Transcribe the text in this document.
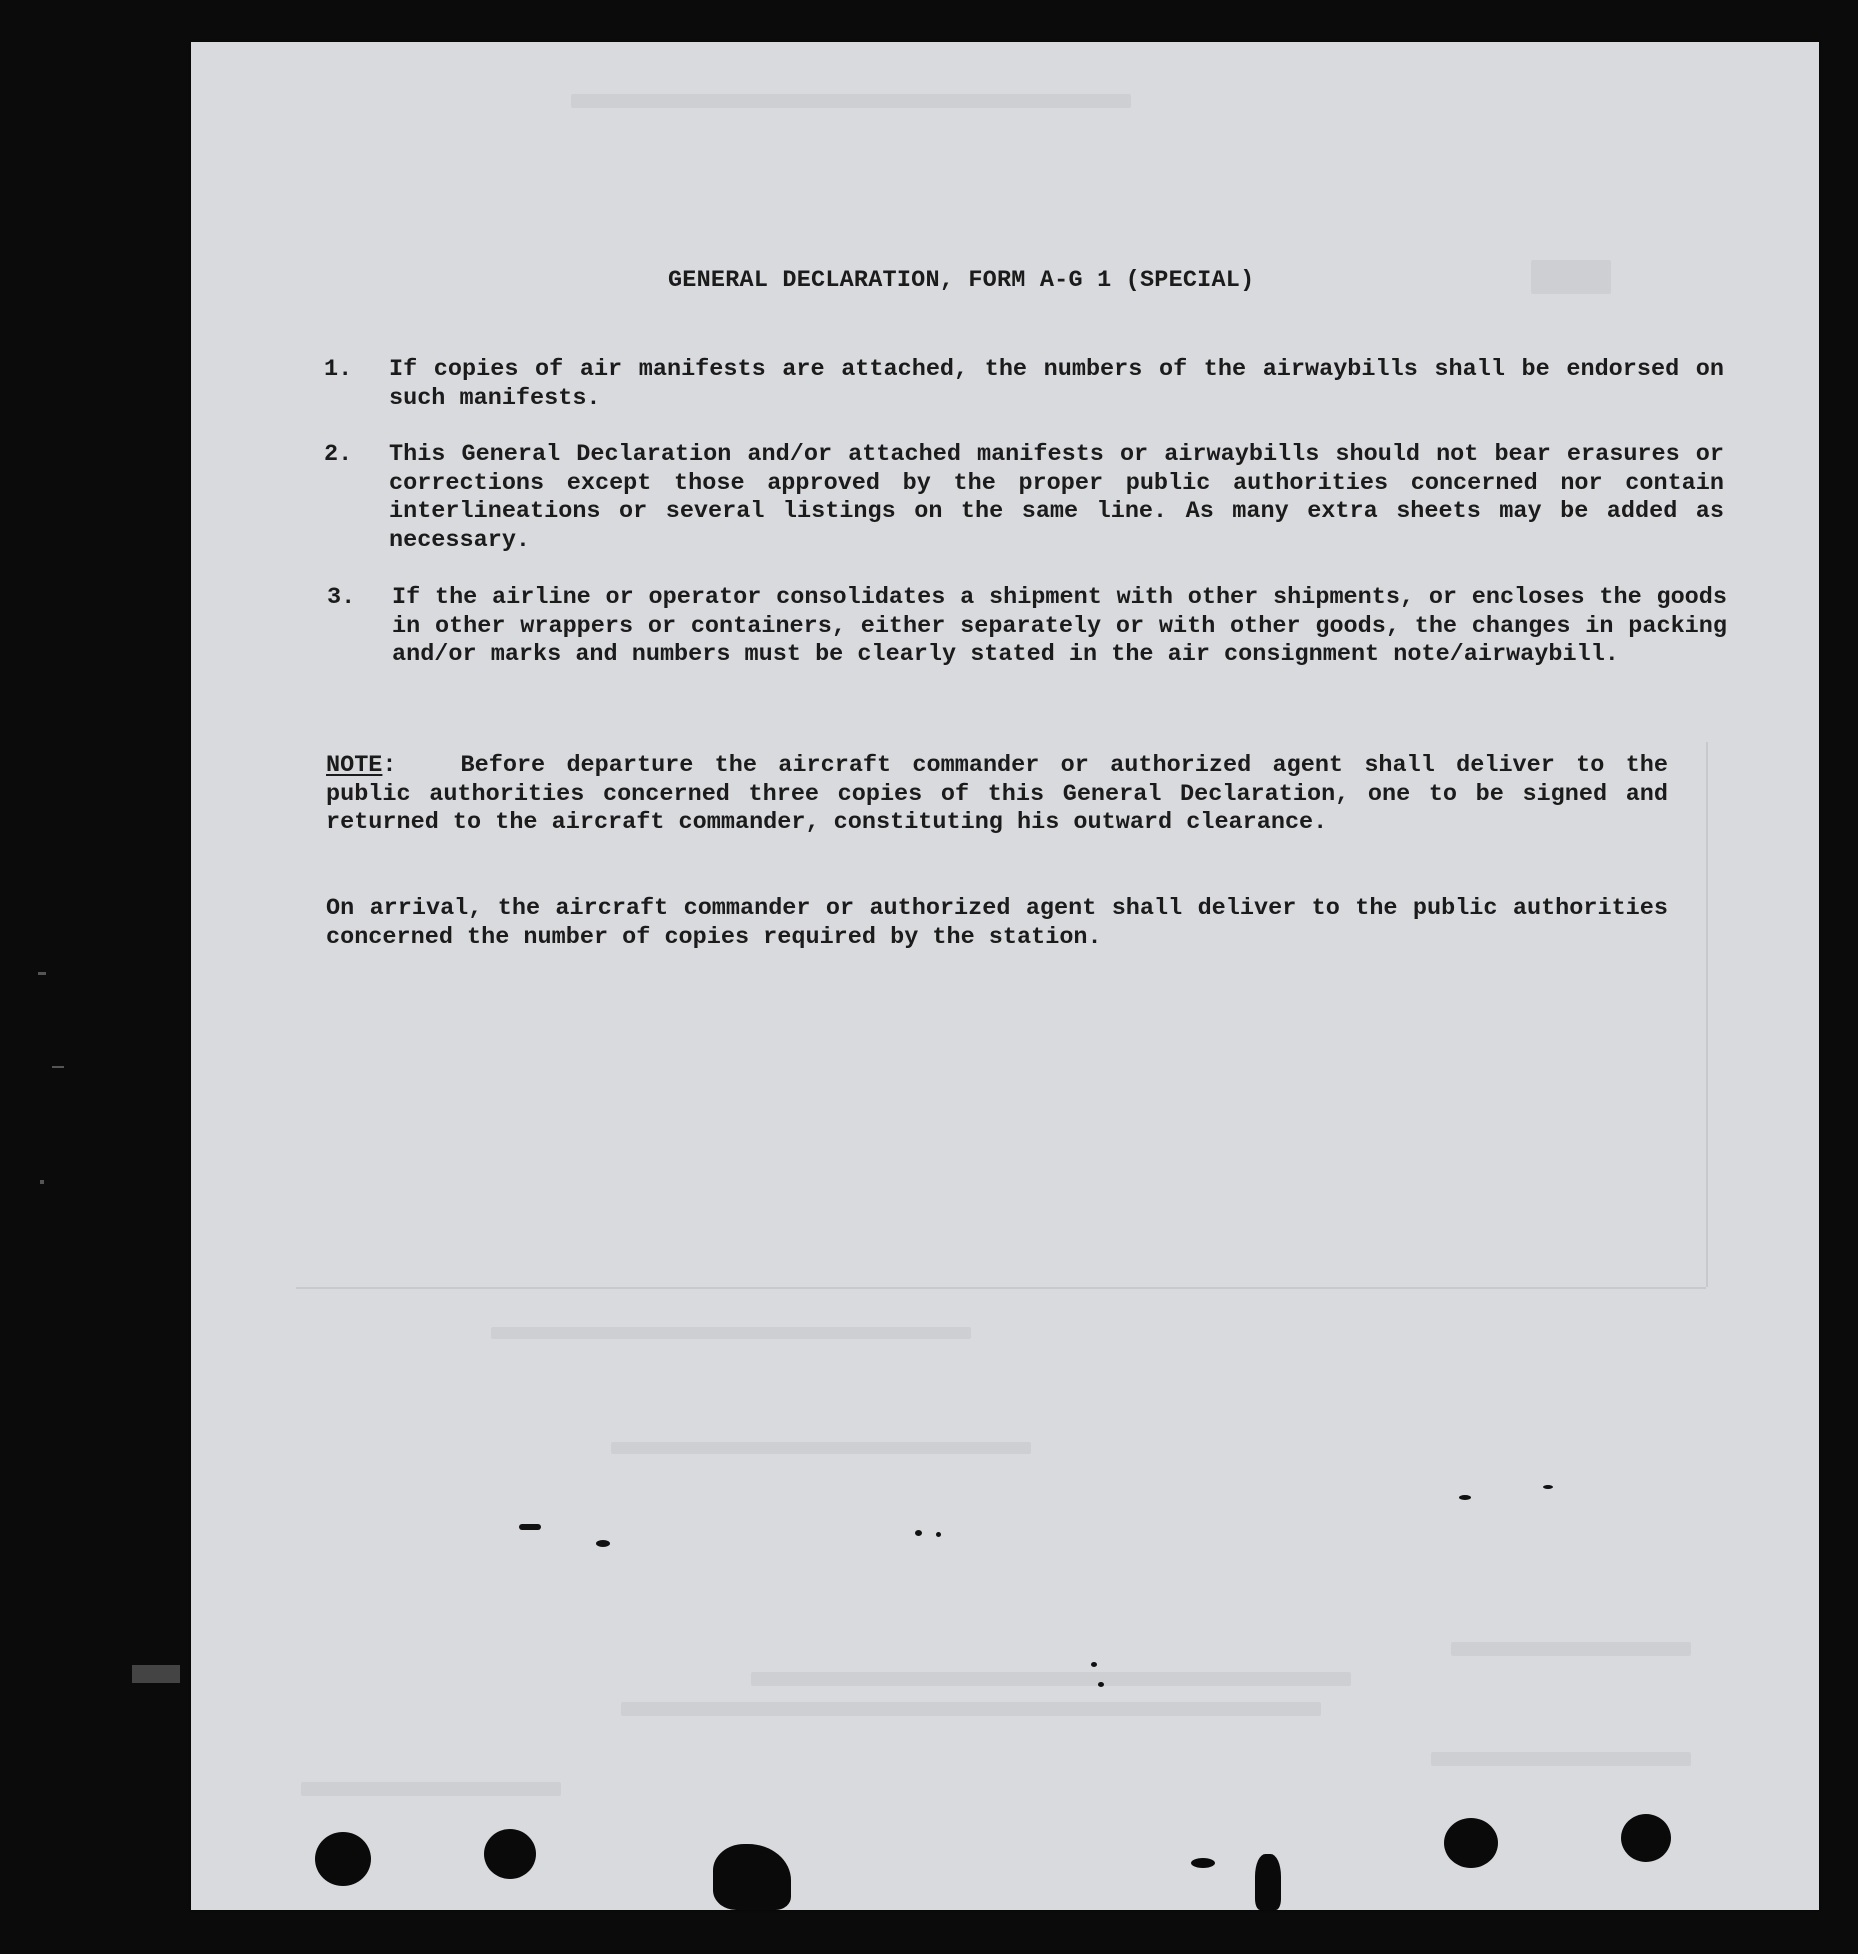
GENERAL DECLARATION, FORM A-G 1 (SPECIAL)
1.	If copies of air manifests are attached, the numbers of the airwaybills shall be endorsed on such manifests.
2.	This General Declaration and/or attached manifests or airwaybills should not bear erasures or corrections except those approved by the proper public authorities concerned nor contain interlineations or several listings on the same line. As many extra sheets may be added as necessary.
3.	If the airline or operator consolidates a shipment with other shipments, or encloses the goods in other wrappers or containers, either separately or with other goods, the changes in packing and/or marks and numbers must be clearly stated in the air consignment note/airwaybill.
NOTE:	Before departure the aircraft commander or authorized agent shall deliver to the public authorities concerned three copies of this General Declaration, one to be signed and returned to the aircraft commander, constituting his outward clearance.
On arrival, the aircraft commander or authorized agent shall deliver to the public authorities concerned the number of copies required by the station.
